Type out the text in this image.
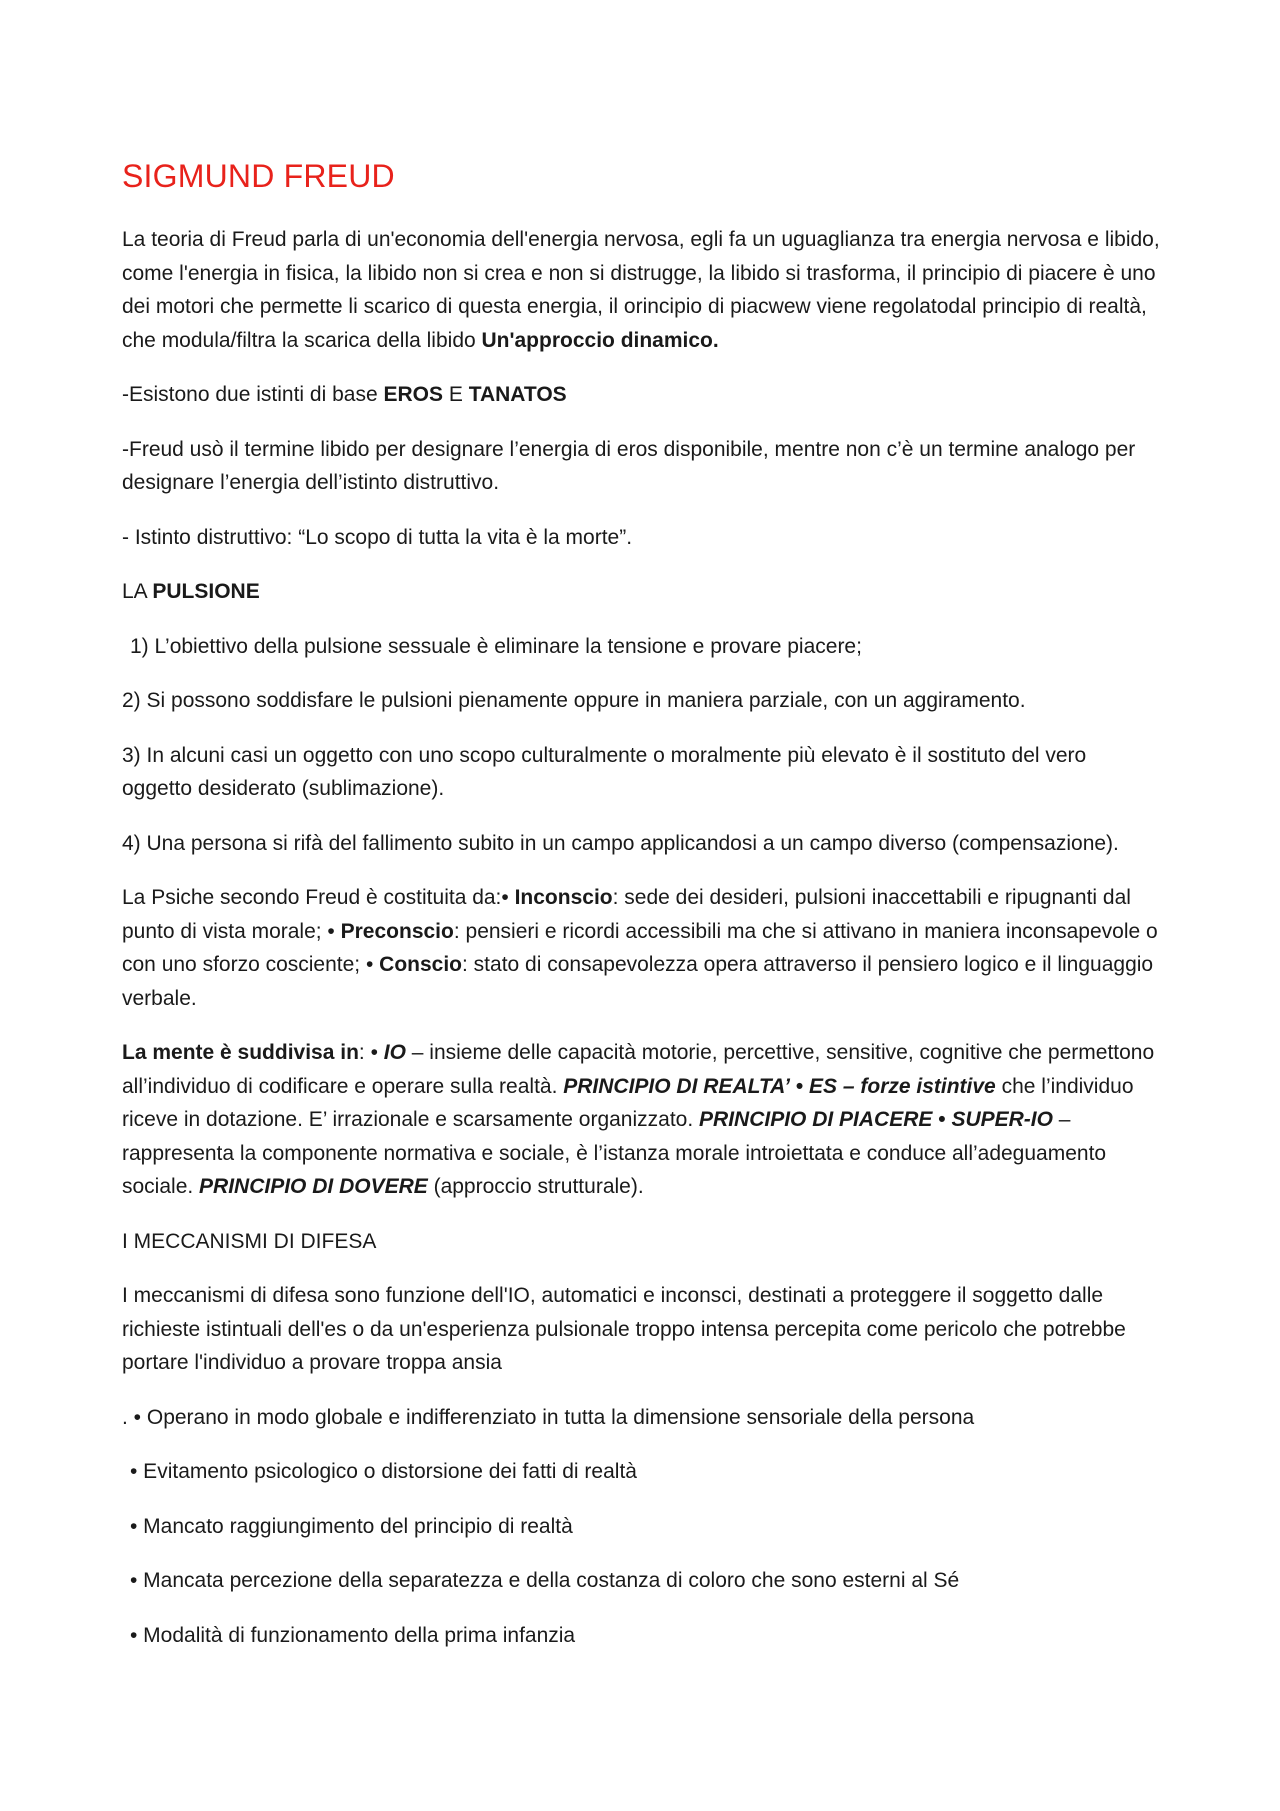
SIGMUND FREUD

La teoria di Freud parla di un'economia dell'energia nervosa, egli fa un uguaglianza tra energia nervosa e libido, come l'energia in fisica, la libido non si crea e non si distrugge, la libido si trasforma, il principio di piacere è uno dei motori che permette li scarico di questa energia, il orincipio di piacwew viene regolatodal principio di realtà, che modula/filtra la scarica della libido Un'approccio dinamico.

-Esistono due istinti di base EROS E TANATOS

-Freud usò il termine libido per designare l’energia di eros disponibile, mentre non c’è un termine analogo per designare l’energia dell’istinto distruttivo.

- Istinto distruttivo: “Lo scopo di tutta la vita è la morte”.

LA PULSIONE

1) L’obiettivo della pulsione sessuale è eliminare la tensione e provare piacere;

2) Si possono soddisfare le pulsioni pienamente oppure in maniera parziale, con un aggiramento.

3) In alcuni casi un oggetto con uno scopo culturalmente o moralmente più elevato è il sostituto del vero oggetto desiderato (sublimazione).

4) Una persona si rifà del fallimento subito in un campo applicandosi a un campo diverso (compensazione).

La Psiche secondo Freud è costituita da:• Inconscio: sede dei desideri, pulsioni inaccettabili e ripugnanti dal punto di vista morale; • Preconscio: pensieri e ricordi accessibili ma che si attivano in maniera inconsapevole o con uno sforzo cosciente; • Conscio: stato di consapevolezza opera attraverso il pensiero logico e il linguaggio verbale.

La mente è suddivisa in: • IO – insieme delle capacità motorie, percettive, sensitive, cognitive che permettono all’individuo di codificare e operare sulla realtà. PRINCIPIO DI REALTA’ • ES – forze istintive che l’individuo riceve in dotazione. E’ irrazionale e scarsamente organizzato. PRINCIPIO DI PIACERE • SUPER-IO – rappresenta la componente normativa e sociale, è l’istanza morale introiettata e conduce all’adeguamento sociale. PRINCIPIO DI DOVERE (approccio strutturale).

I MECCANISMI DI DIFESA

I meccanismi di difesa sono funzione dell'IO, automatici e inconsci, destinati a proteggere il soggetto dalle richieste istintuali dell'es o da un'esperienza pulsionale troppo intensa percepita come pericolo che potrebbe portare l'individuo a provare troppa ansia

. • Operano in modo globale e indifferenziato in tutta la dimensione sensoriale della persona

• Evitamento psicologico o distorsione dei fatti di realtà

• Mancato raggiungimento del principio di realtà

• Mancata percezione della separatezza e della costanza di coloro che sono esterni al Sé

• Modalità di funzionamento della prima infanzia
